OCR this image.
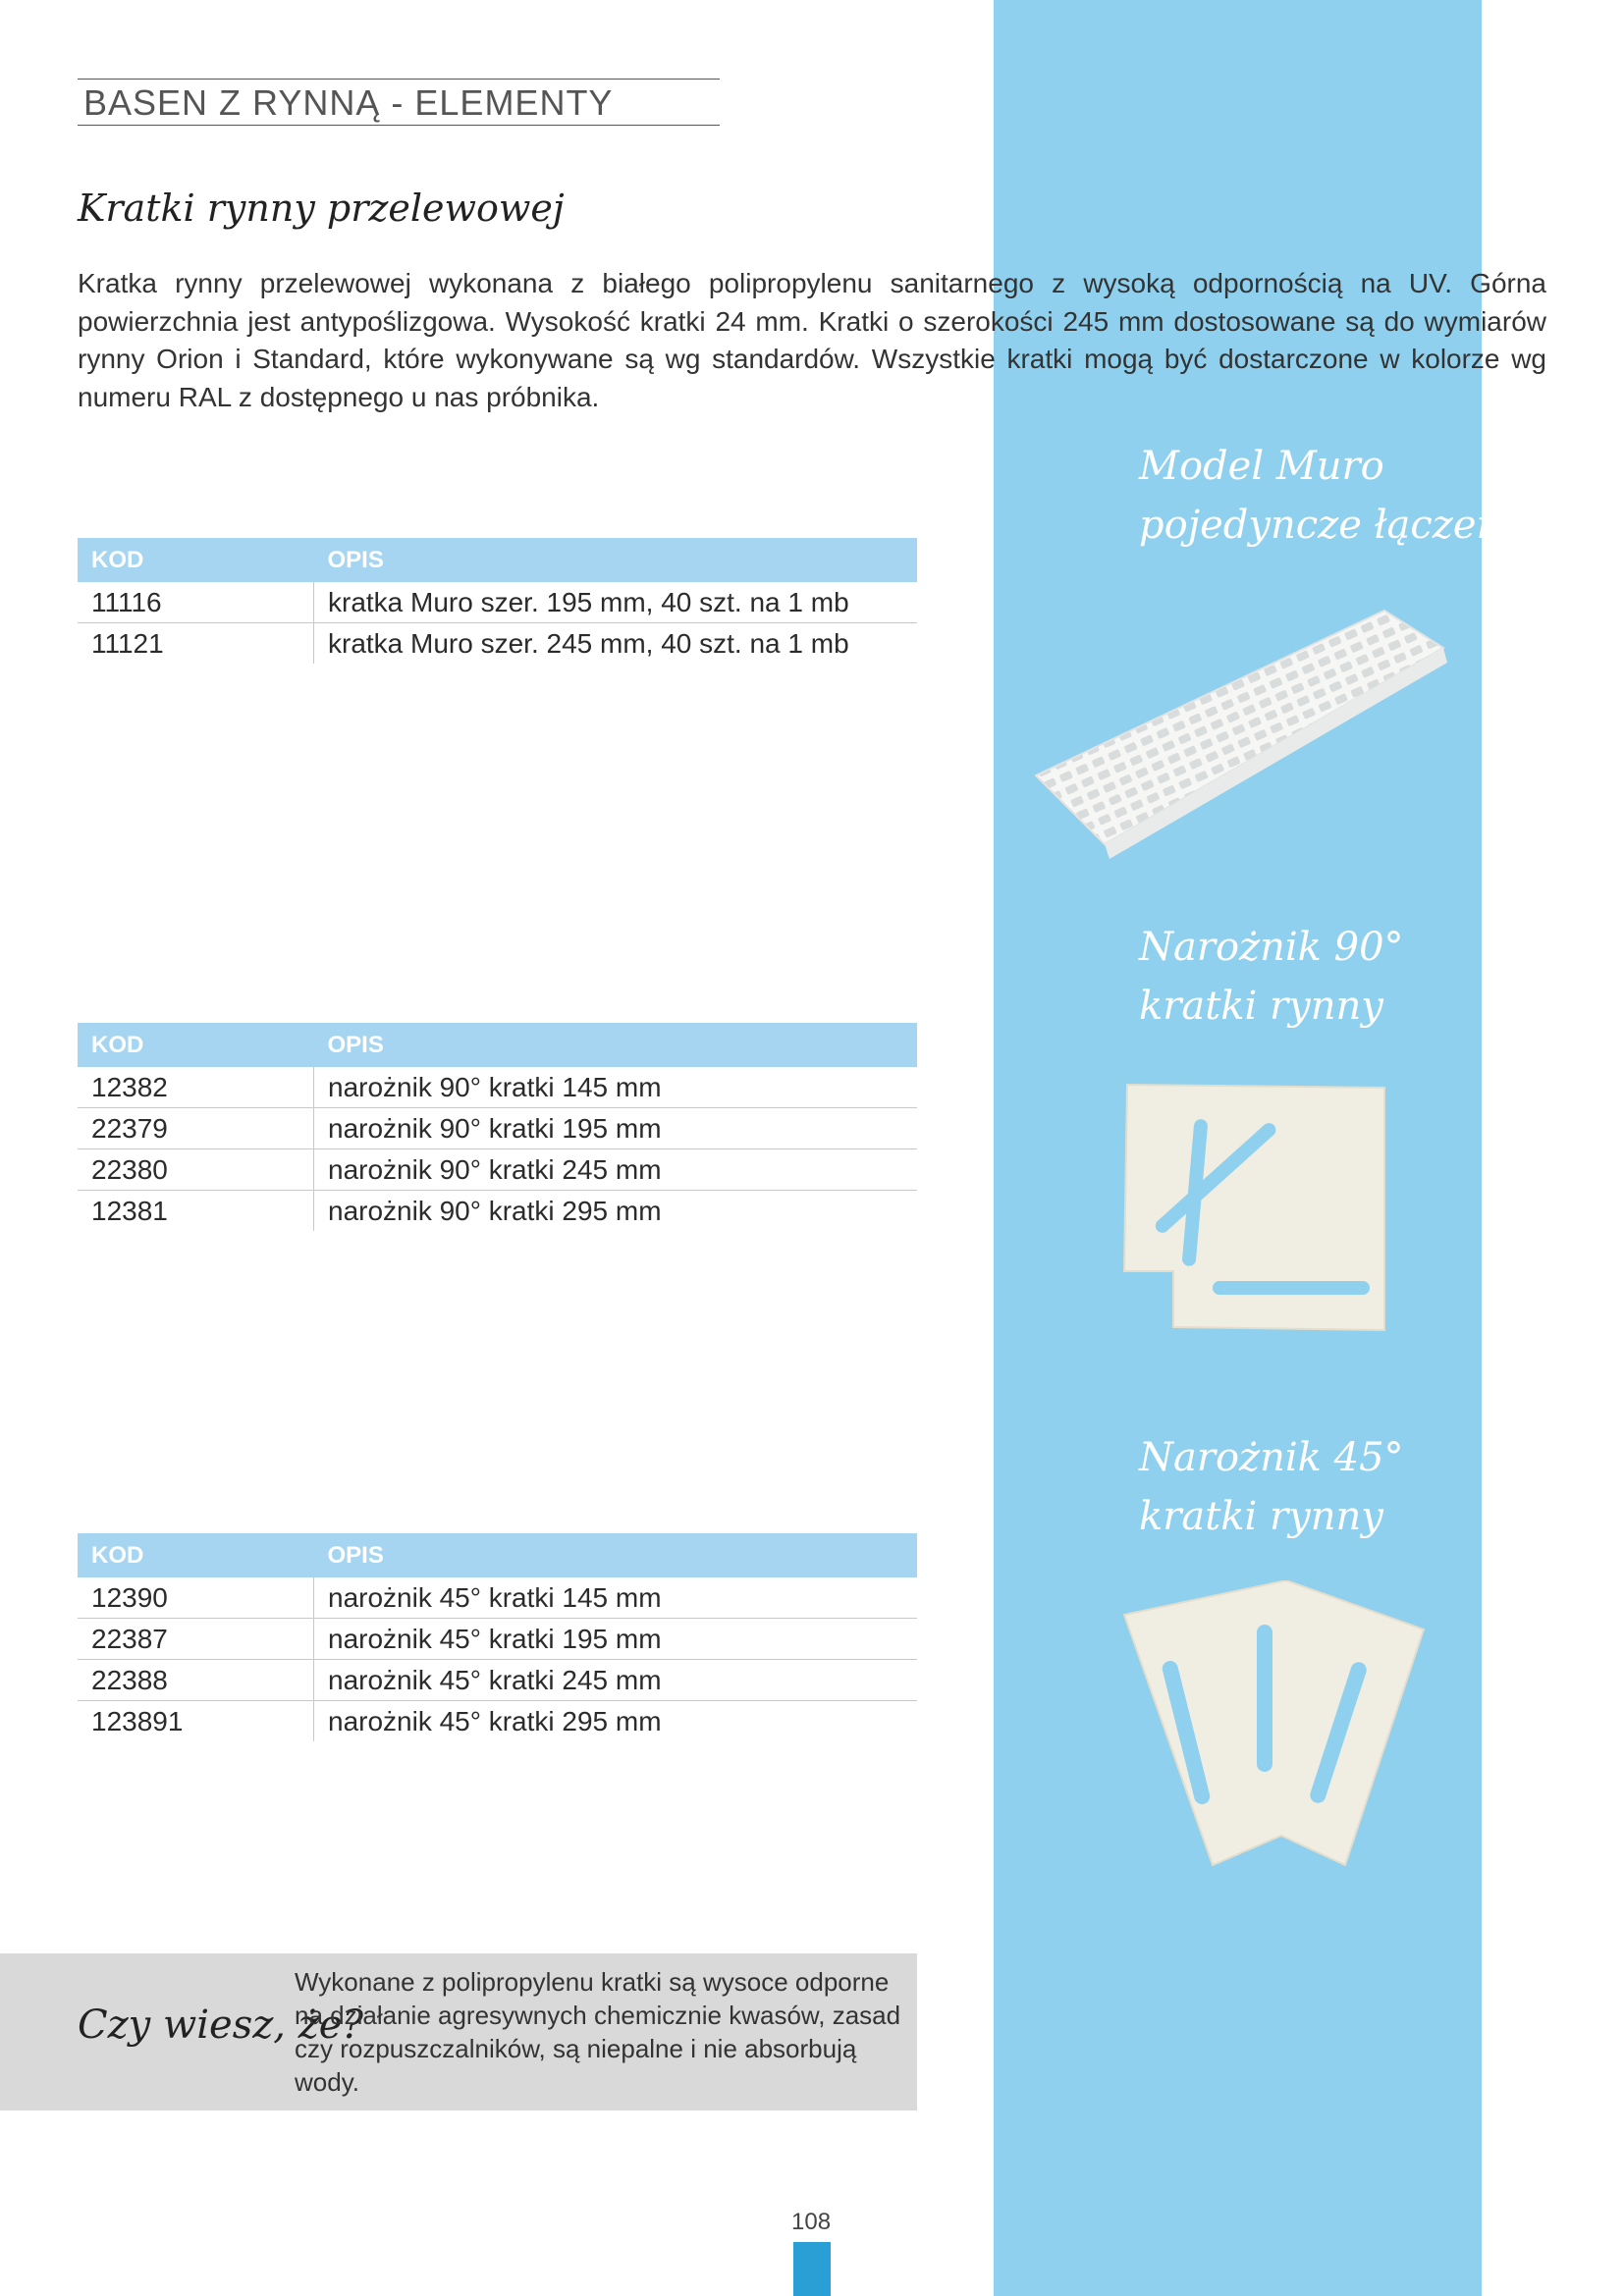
BASEN Z RYNNĄ - ELEMENTY
Kratki rynny przelewowej

Kratka rynny przelewowej wykonana z białego polipropylenu sanitarnego z wysoką odpornością na UV. Górna powierzchnia jest antypoślizgowa. Wysokość kratki 24 mm. Kratki o szerokości 245 mm dostosowane są do wymiarów rynny Orion i Standard, które wykonywane są wg standardów. Wszystkie kratki mogą być dostarczone w kolorze wg numeru RAL z dostępnego u nas próbnika.

Model Muro
pojedyncze łączenie
Narożnik 90°
kratki rynny
Narożnik 45°
kratki rynny
KOD	OPIS
11116	kratka Muro szer. 195 mm, 40 szt. na 1 mb
11121	kratka Muro szer. 245 mm, 40 szt. na 1 mb
KOD	OPIS
12382	narożnik 90° kratki 145 mm
22379	narożnik 90° kratki 195 mm
22380	narożnik 90° kratki 245 mm
12381	narożnik 90° kratki 295 mm
KOD	OPIS
12390	narożnik 45° kratki 145 mm
22387	narożnik 45° kratki 195 mm
22388	narożnik 45° kratki 245 mm
123891	narożnik 45° kratki 295 mm
Czy wiesz, że?

Wykonane z polipropylenu kratki są wysoce odporne na działanie agresywnych chemicznie kwasów, zasad czy rozpuszczalników, są niepalne i nie absorbują wody.

108
